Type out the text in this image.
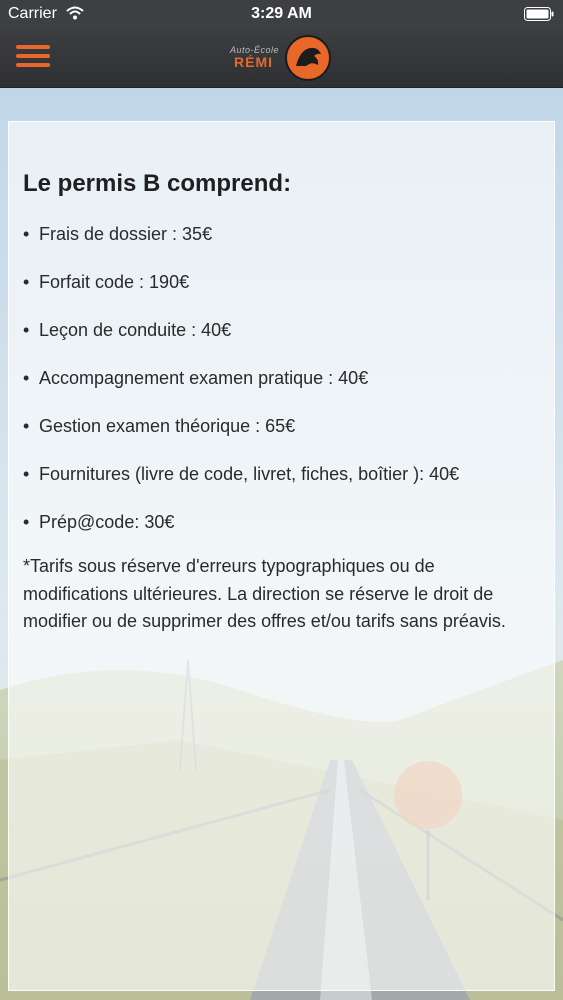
Carrier	3:29 AM
Auto-École
RÉMI
Le permis B comprend:
• Frais de dossier : 35€
• Forfait code : 190€
• Leçon de conduite : 40€
• Accompagnement examen pratique : 40€
• Gestion examen théorique : 65€
• Fournitures (livre de code, livret, fiches, boîtier ): 40€
• Prép@code: 30€

*Tarifs sous réserve d'erreurs typographiques ou de modifications ultérieures. La direction se réserve le droit de modifier ou de supprimer des offres et/ou tarifs sans préavis.
